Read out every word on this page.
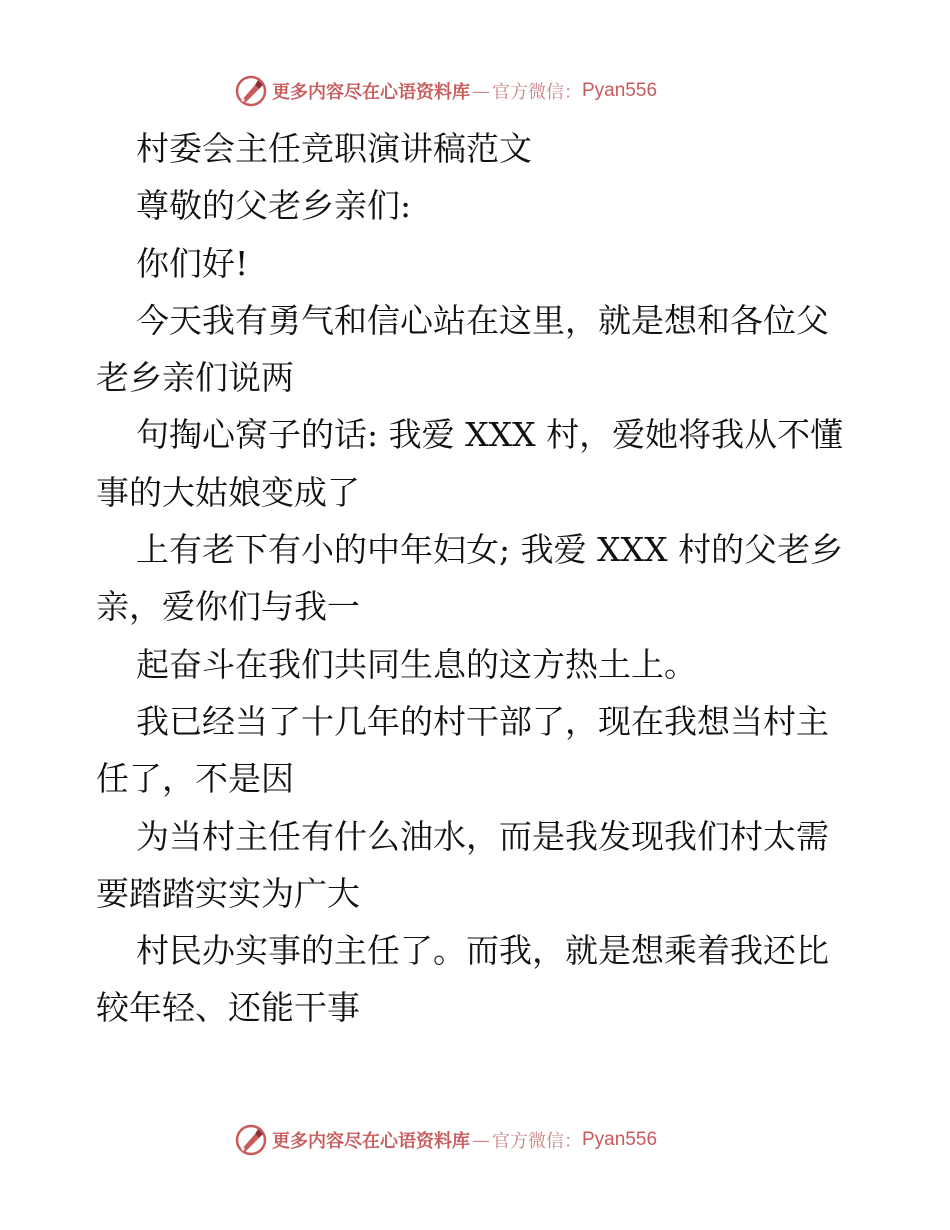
更多内容尽在心语资料库 — 官方微信： Pyan556
村委会主任竞职演讲稿范文
尊敬的父老乡亲们:
你们好!
今天我有勇气和信心站在这里，就是想和各位父
老乡亲们说两
句掏心窝子的话: 我爱 XXX 村，爱她将我从不懂
事的大姑娘变成了
上有老下有小的中年妇女; 我爱 XXX 村的父老乡
亲，爱你们与我一
起奋斗在我们共同生息的这方热土上。
我已经当了十几年的村干部了，现在我想当村主
任了，不是因
为当村主任有什么油水，而是我发现我们村太需
要踏踏实实为广大
村民办实事的主任了。而我，就是想乘着我还比
较年轻、还能干事
更多内容尽在心语资料库 — 官方微信： Pyan556
